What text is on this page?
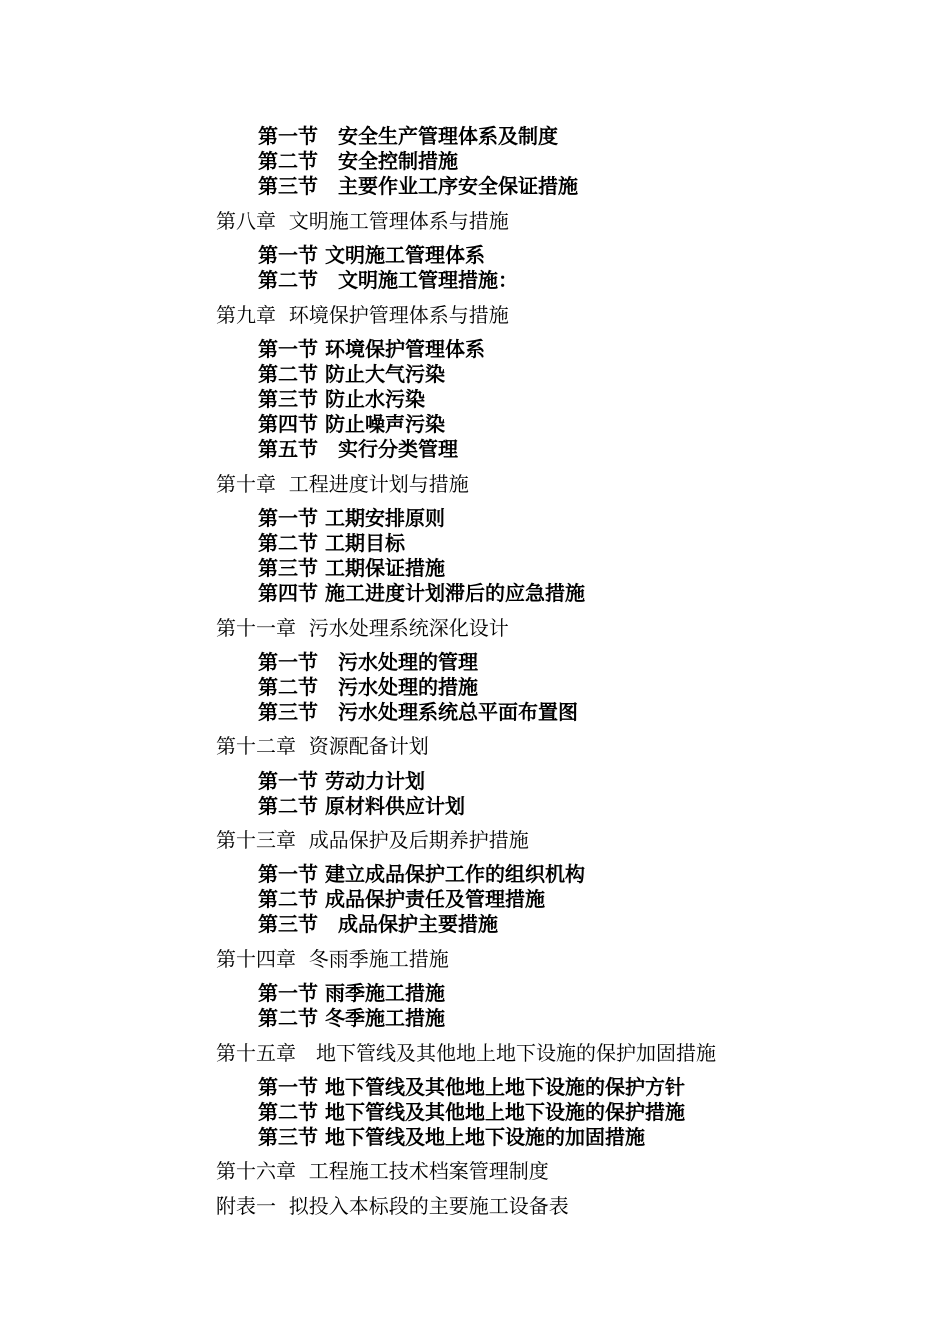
第一节　安全生产管理体系及制度
第二节　安全控制措施
第三节　主要作业工序安全保证措施
第八章  文明施工管理体系与措施
第一节 文明施工管理体系
第二节　文明施工管理措施：
第九章  环境保护管理体系与措施
第一节 环境保护管理体系
第二节 防止大气污染
第三节 防止水污染
第四节 防止噪声污染
第五节　实行分类管理
第十章  工程进度计划与措施
第一节 工期安排原则
第二节 工期目标
第三节 工期保证措施
第四节 施工进度计划滞后的应急措施
第十一章  污水处理系统深化设计
第一节　污水处理的管理
第二节　污水处理的措施
第三节　污水处理系统总平面布置图
第十二章  资源配备计划
第一节 劳动力计划
第二节 原材料供应计划
第十三章  成品保护及后期养护措施
第一节 建立成品保护工作的组织机构
第二节 成品保护责任及管理措施
第三节　成品保护主要措施
第十四章  冬雨季施工措施
第一节 雨季施工措施
第二节 冬季施工措施
第十五章　地下管线及其他地上地下设施的保护加固措施
第一节 地下管线及其他地上地下设施的保护方针
第二节 地下管线及其他地上地下设施的保护措施
第三节 地下管线及地上地下设施的加固措施
第十六章  工程施工技术档案管理制度
附表一  拟投入本标段的主要施工设备表
